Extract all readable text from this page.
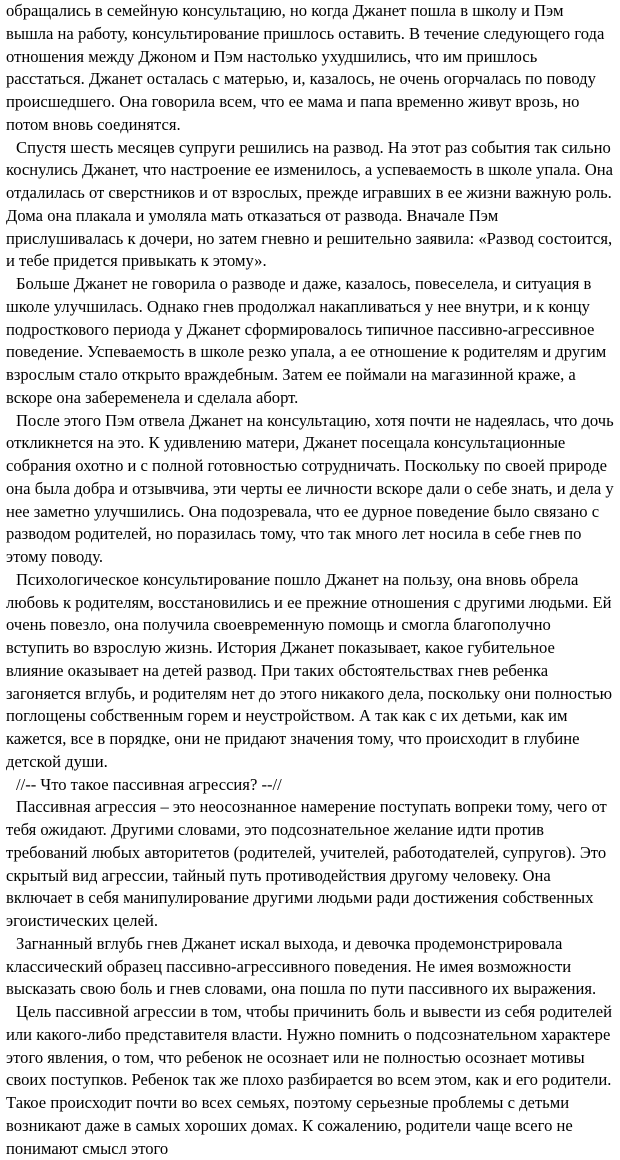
обращались в семейную консультацию, но когда Джанет пошла в школу и Пэм вышла на работу, консультирование пришлось оставить. В течение следующего года отношения между Джоном и Пэм настолько ухудшились, что им пришлось расстаться. Джанет осталась с матерью, и, казалось, не очень огорчалась по поводу происшедшего. Она говорила всем, что ее мама и папа временно живут врозь, но потом вновь соединятся.

Спустя шесть месяцев супруги решились на развод. На этот раз события так сильно коснулись Джанет, что настроение ее изменилось, а успеваемость в школе упала. Она отдалилась от сверстников и от взрослых, прежде игравших в ее жизни важную роль. Дома она плакала и умоляла мать отказаться от развода. Вначале Пэм прислушивалась к дочери, но затем гневно и решительно заявила: «Развод состоится, и тебе придется привыкать к этому».

Больше Джанет не говорила о разводе и даже, казалось, повеселела, и ситуация в школе улучшилась. Однако гнев продолжал накапливаться у нее внутри, и к концу подросткового периода у Джанет сформировалось типичное пассивно-агрессивное поведение. Успеваемость в школе резко упала, а ее отношение к родителям и другим взрослым стало открыто враждебным. Затем ее поймали на магазинной краже, а вскоре она забеременела и сделала аборт.

После этого Пэм отвела Джанет на консультацию, хотя почти не надеялась, что дочь откликнется на это. К удивлению матери, Джанет посещала консультационные собрания охотно и с полной готовностью сотрудничать. Поскольку по своей природе она была добра и отзывчива, эти черты ее личности вскоре дали о себе знать, и дела у нее заметно улучшились. Она подозревала, что ее дурное поведение было связано с разводом родителей, но поразилась тому, что так много лет носила в себе гнев по этому поводу.

Психологическое консультирование пошло Джанет на пользу, она вновь обрела любовь к родителям, восстановились и ее прежние отношения с другими людьми. Ей очень повезло, она получила своевременную помощь и смогла благополучно вступить во взрослую жизнь. История Джанет показывает, какое губительное влияние оказывает на детей развод. При таких обстоятельствах гнев ребенка загоняется вглубь, и родителям нет до этого никакого дела, поскольку они полностью поглощены собственным горем и неустройством. А так как с их детьми, как им кажется, все в порядке, они не придают значения тому, что происходит в глубине детской души.

//-- Что такое пассивная агрессия? --//

Пассивная агрессия – это неосознанное намерение поступать вопреки тому, чего от тебя ожидают. Другими словами, это подсознательное желание идти против требований любых авторитетов (родителей, учителей, работодателей, супругов). Это скрытый вид агрессии, тайный путь противодействия другому человеку. Она включает в себя манипулирование другими людьми ради достижения собственных эгоистических целей.

Загнанный вглубь гнев Джанет искал выхода, и девочка продемонстрировала классический образец пассивно-агрессивного поведения. Не имея возможности высказать свою боль и гнев словами, она пошла по пути пассивного их выражения.

Цель пассивной агрессии в том, чтобы причинить боль и вывести из себя родителей или какого-либо представителя власти. Нужно помнить о подсознательном характере этого явления, о том, что ребенок не осознает или не полностью осознает мотивы своих поступков. Ребенок так же плохо разбирается во всем этом, как и его родители. Такое происходит почти во всех семьях, поэтому серьезные проблемы с детьми возникают даже в самых хороших домах. К сожалению, родители чаще всего не понимают смысл этого
